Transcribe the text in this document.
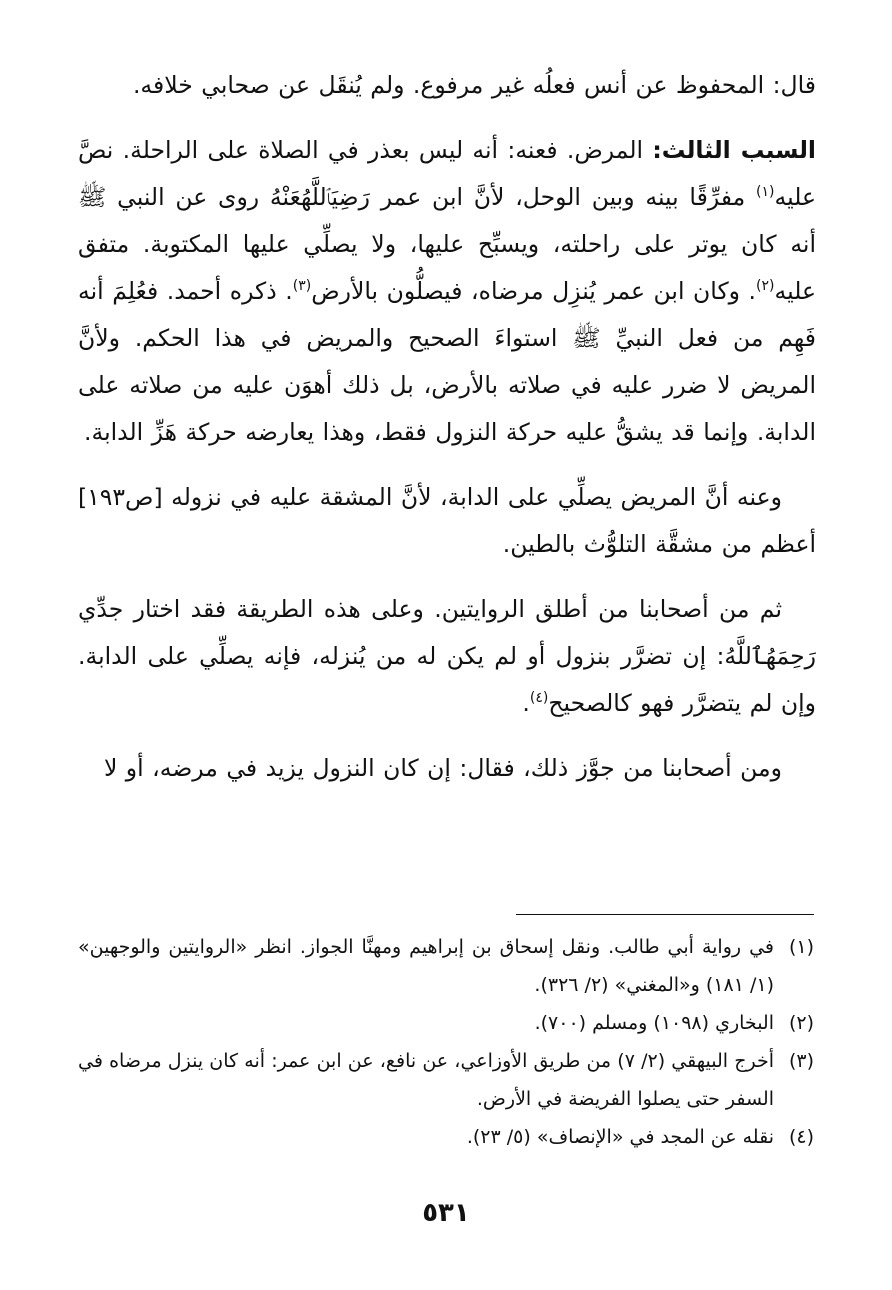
قال: المحفوظ عن أنس فعلُه غير مرفوع. ولم يُنقَل عن صحابي خلافه.

السبب الثالث: المرض. فعنه: أنه ليس بعذر في الصلاة على الراحلة. نصَّ عليه$^{(١)}$ مفرِّقًا بينه وبين الوحل، لأنَّ ابن عمر رَضِيَٱللَّهُعَنْهُ روى عن النبي ﷺ أنه كان يوتر على راحلته، ويسبِّح عليها، ولا يصلِّي عليها المكتوبة. متفق عليه$^{(٢)}$. وكان ابن عمر يُنزِل مرضاه، فيصلُّون بالأرض$^{(٣)}$. ذكره أحمد. فعُلِمَ أنه فَهِم من فعل النبيِّ ﷺ استواءَ الصحيح والمريض في هذا الحكم. ولأنَّ المريض لا ضرر عليه في صلاته بالأرض، بل ذلك أهوَن عليه من صلاته على الدابة. وإنما قد يشقُّ عليه حركة النزول فقط، وهذا يعارضه حركة هَزِّ الدابة.

وعنه أنَّ المريض يصلِّي على الدابة، لأنَّ المشقة عليه في نزوله [ص١٩٣] أعظم من مشقَّة التلوُّث بالطين.

ثم من أصحابنا من أطلق الروايتين. وعلى هذه الطريقة فقد اختار جدِّي رَحِمَهُٱللَّهُ: إن تضرَّر بنزول أو لم يكن له من يُنزله، فإنه يصلِّي على الدابة. وإن لم يتضرَّر فهو كالصحيح$^{(٤)}$.

ومن أصحابنا من جوَّز ذلك، فقال: إن كان النزول يزيد في مرضه، أو لا

(١)
في رواية أبي طالب. ونقل إسحاق بن إبراهيم ومهنَّا الجواز. انظر «الروايتين والوجهين» (١/ ١٨١) و«المغني» (٢/ ٣٢٦).
(٢)
البخاري (١٠٩٨) ومسلم (٧٠٠).
(٣)
أخرج البيهقي (٢/ ٧) من طريق الأوزاعي، عن نافع، عن ابن عمر: أنه كان ينزل مرضاه في السفر حتى يصلوا الفريضة في الأرض.
(٤)
نقله عن المجد في «الإنصاف» (٥/ ٢٣).
٥٣١
